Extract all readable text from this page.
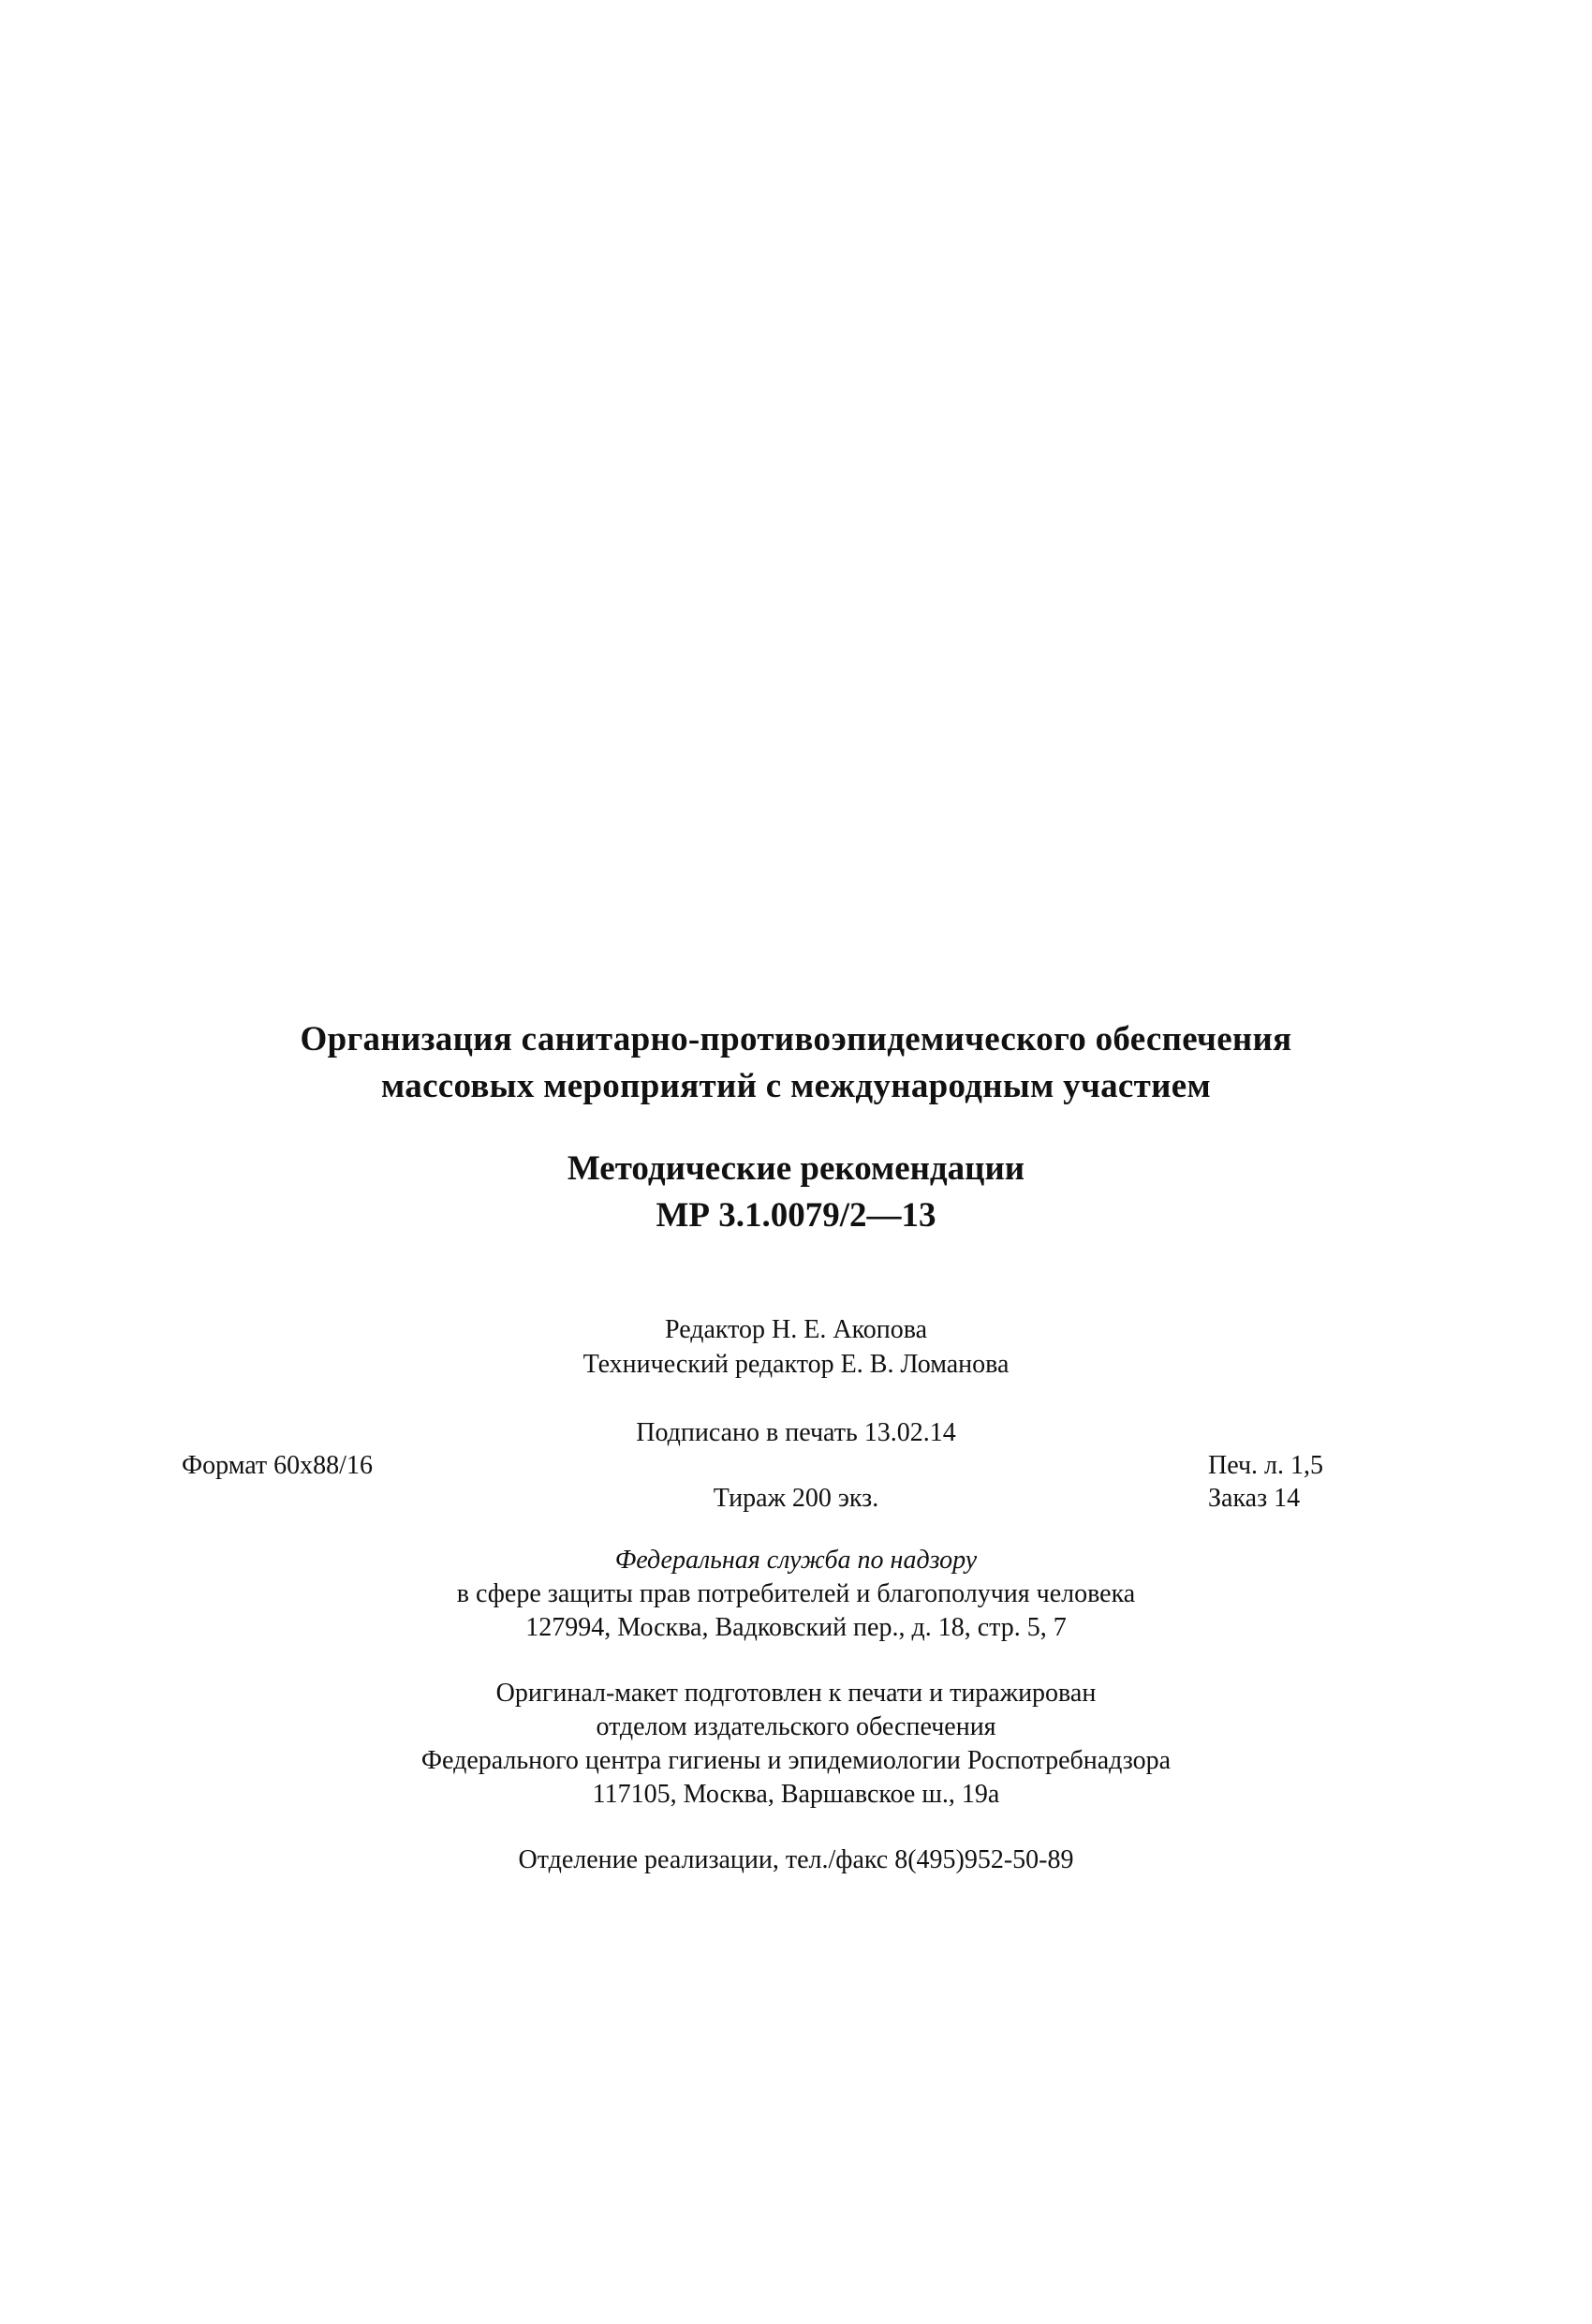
Организация санитарно-противоэпидемического обеспечения
массовых мероприятий с международным участием
Методические рекомендации
МР 3.1.0079/2—13
Редактор Н. Е. Акопова
Технический редактор Е. В. Ломанова
Подписано в печать 13.02.14
Формат 60x88/16	Печ. л. 1,5
Тираж 200 экз.	Заказ 14
Федеральная служба по надзору
в сфере защиты прав потребителей и благополучия человека
127994, Москва, Вадковский пер., д. 18, стр. 5, 7
Оригинал-макет подготовлен к печати и тиражирован
отделом издательского обеспечения
Федерального центра гигиены и эпидемиологии Роспотребнадзора
117105, Москва, Варшавское ш., 19а
Отделение реализации, тел./факс 8(495)952-50-89
